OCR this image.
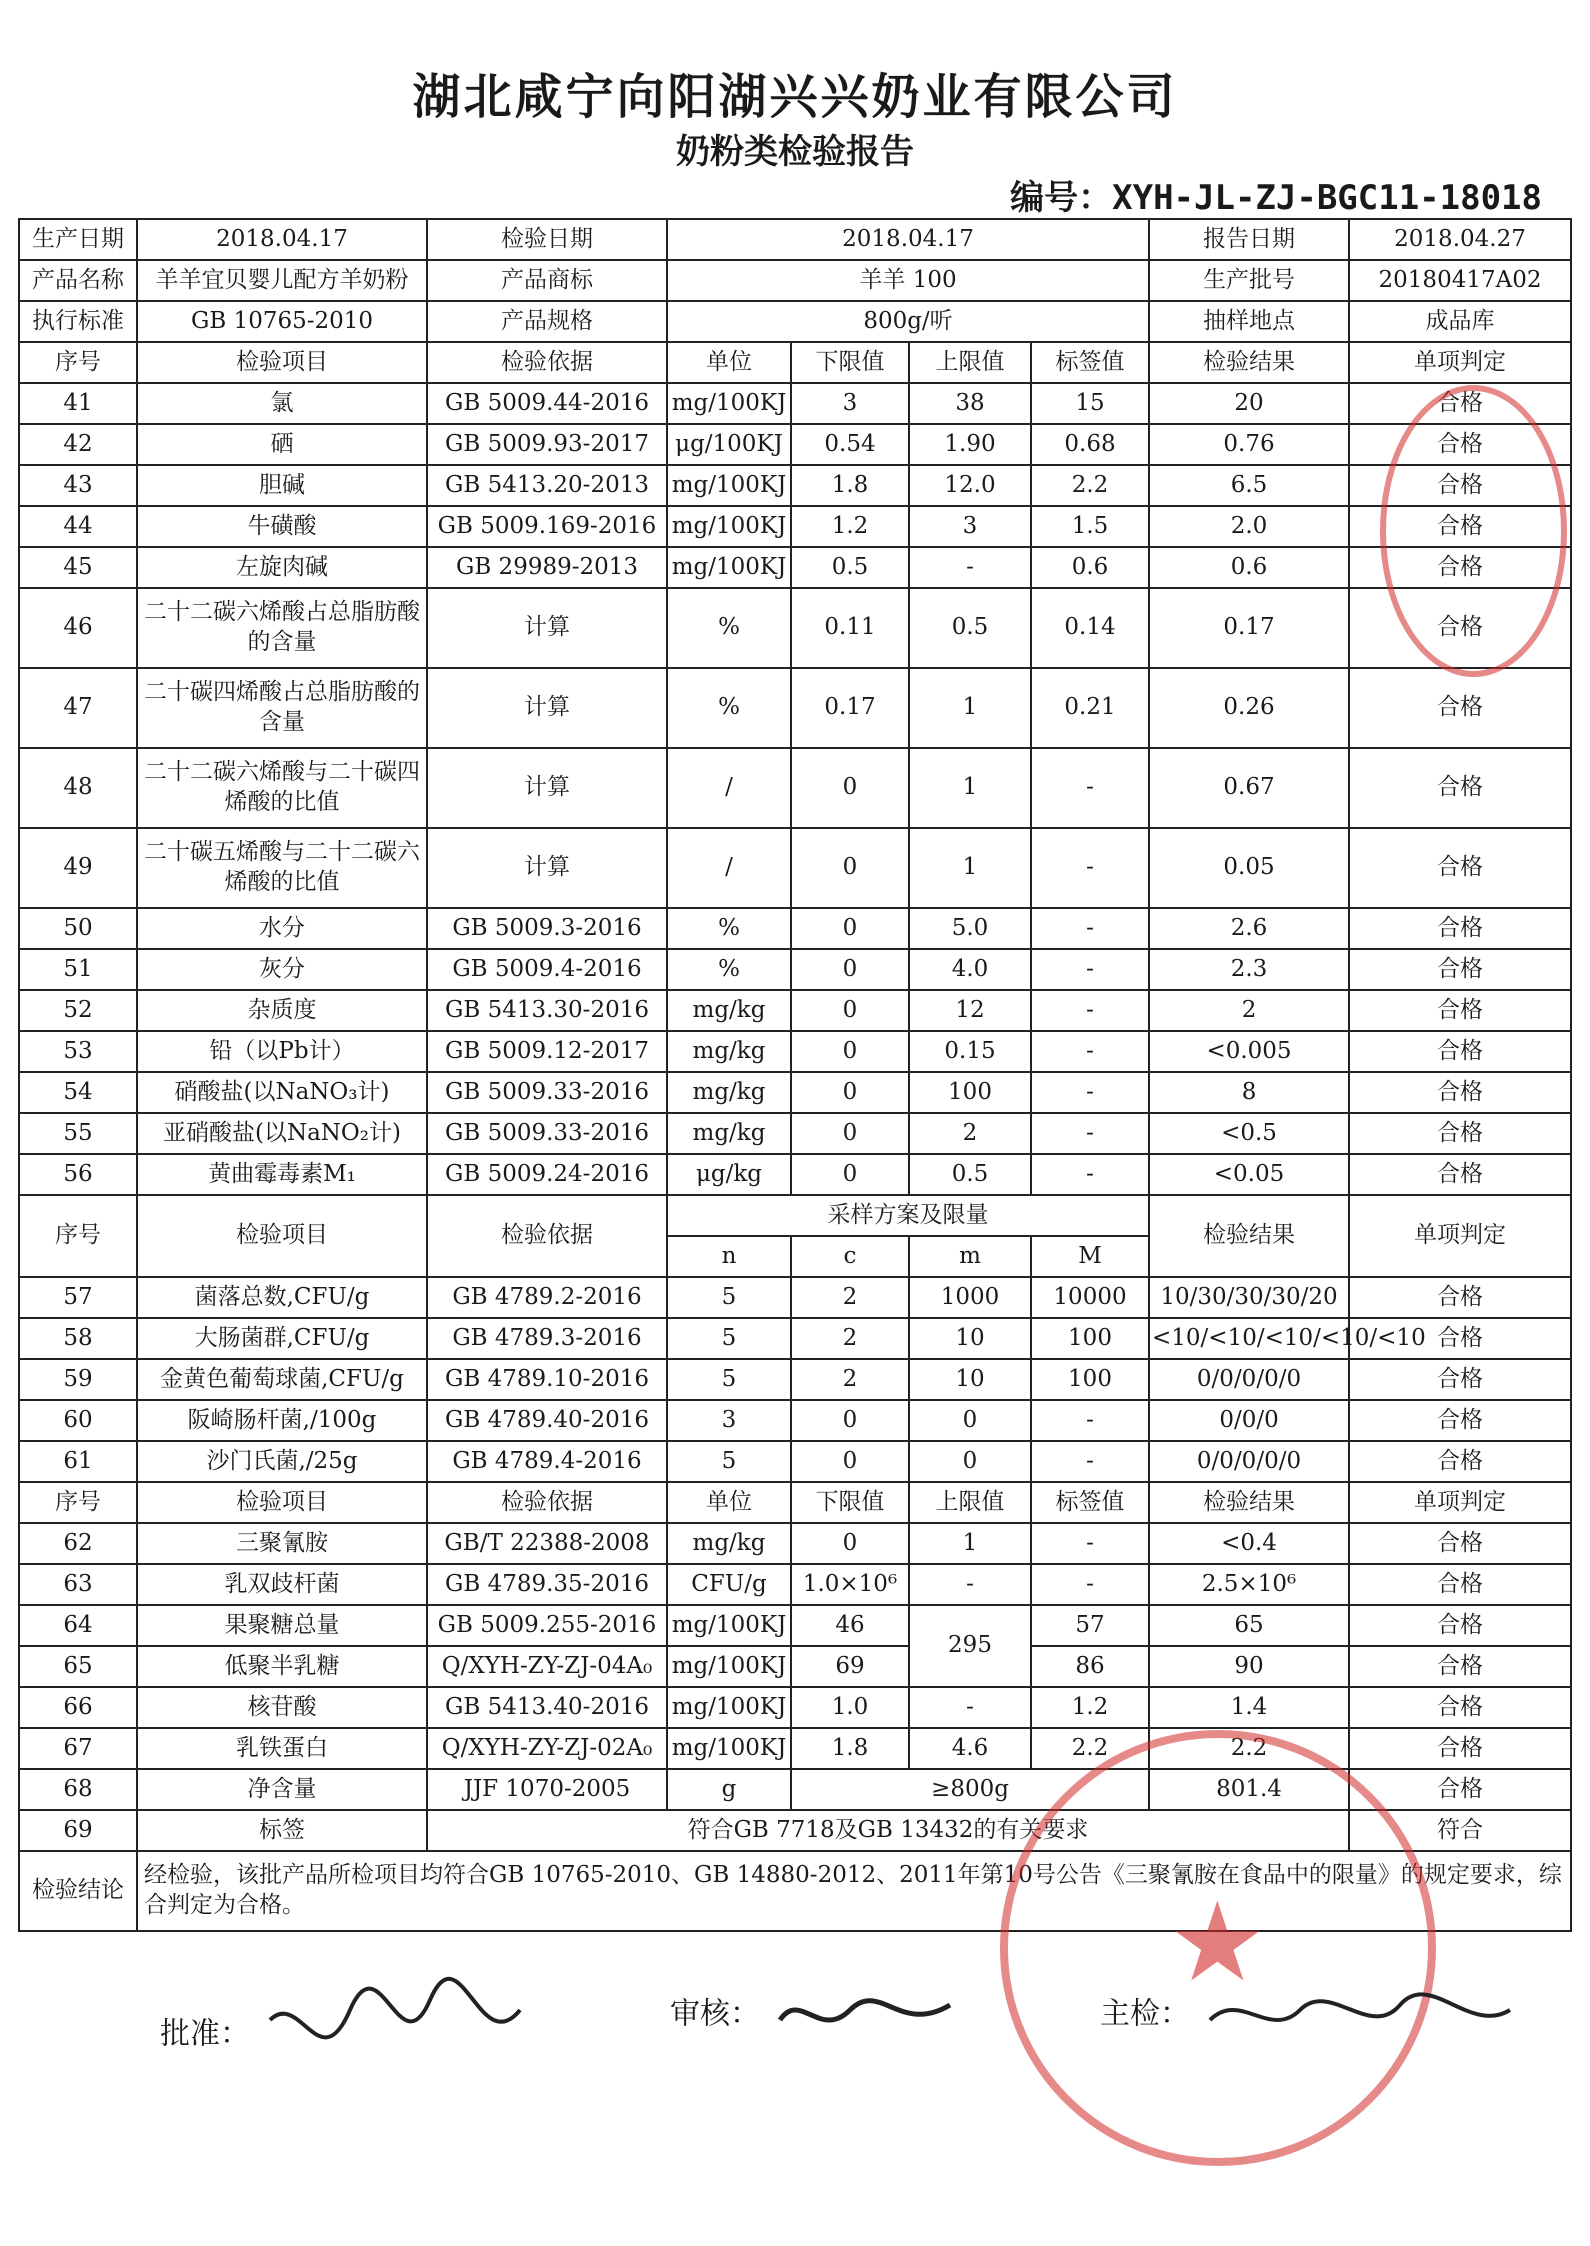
湖北咸宁向阳湖兴兴奶业有限公司
奶粉类检验报告
编号：XYH-JL-ZJ-BGC11-18018
生产日期	2018.04.17	检验日期	2018.04.17				报告日期	2018.04.27
产品名称	羊羊宜贝婴儿配方羊奶粉	产品商标	羊羊 100				生产批号	20180417A02
执行标准	GB 10765-2010	产品规格	800g/听				抽样地点	成品库
序号	检验项目	检验依据	单位	下限值	上限值	标签值	检验结果	单项判定
41	氯	GB 5009.44-2016	mg/100KJ	3	38	15	20	合格
42	硒	GB 5009.93-2017	μg/100KJ	0.54	1.90	0.68	0.76	合格
43	胆碱	GB 5413.20-2013	mg/100KJ	1.8	12.0	2.2	6.5	合格
44	牛磺酸	GB 5009.169-2016	mg/100KJ	1.2	3	1.5	2.0	合格
45	左旋肉碱	GB 29989-2013	mg/100KJ	0.5	-	0.6	0.6	合格
46	二十二碳六烯酸占总脂肪酸的含量	计算	%	0.11	0.5	0.14	0.17	合格
47	二十碳四烯酸占总脂肪酸的含量	计算	%	0.17	1	0.21	0.26	合格
48	二十二碳六烯酸与二十碳四烯酸的比值	计算	/	0	1	-	0.67	合格
49	二十碳五烯酸与二十二碳六烯酸的比值	计算	/	0	1	-	0.05	合格
50	水分	GB 5009.3-2016	%	0	5.0	-	2.6	合格
51	灰分	GB 5009.4-2016	%	0	4.0	-	2.3	合格
52	杂质度	GB 5413.30-2016	mg/kg	0	12	-	2	合格
53	铅（以Pb计）	GB 5009.12-2017	mg/kg	0	0.15	-	<0.005	合格
54	硝酸盐(以NaNO₃计)	GB 5009.33-2016	mg/kg	0	100	-	8	合格
55	亚硝酸盐(以NaNO₂计)	GB 5009.33-2016	mg/kg	0	2	-	<0.5	合格
56	黄曲霉毒素M₁	GB 5009.24-2016	μg/kg	0	0.5	-	<0.05	合格
序号	检验项目	检验依据	采样方案及限量				检验结果	单项判定
			n	c	m	M		
57	菌落总数,CFU/g	GB 4789.2-2016	5	2	1000	10000	10/30/30/30/20	合格
58	大肠菌群,CFU/g	GB 4789.3-2016	5	2	10	100	<10/<10/<10/<10/<10	合格
59	金黄色葡萄球菌,CFU/g	GB 4789.10-2016	5	2	10	100	0/0/0/0/0	合格
60	阪崎肠杆菌,/100g	GB 4789.40-2016	3	0	0	-	0/0/0	合格
61	沙门氏菌,/25g	GB 4789.4-2016	5	0	0	-	0/0/0/0/0	合格
序号	检验项目	检验依据	单位	下限值	上限值	标签值	检验结果	单项判定
62	三聚氰胺	GB/T 22388-2008	mg/kg	0	1	-	<0.4	合格
63	乳双歧杆菌	GB 4789.35-2016	CFU/g	1.0×10⁶	-	-	2.5×10⁶	合格
64	果聚糖总量	GB 5009.255-2016	mg/100KJ	46	295	57	65	合格
65	低聚半乳糖	Q/XYH-ZY-ZJ-04A₀	mg/100KJ	69		86	90	合格
66	核苷酸	GB 5413.40-2016	mg/100KJ	1.0	-	1.2	1.4	合格
67	乳铁蛋白	Q/XYH-ZY-ZJ-02A₀	mg/100KJ	1.8	4.6	2.2	2.2	合格
68	净含量	JJF 1070-2005	g	≥800g			801.4	合格
69	标签	符合GB 7718及GB 13432的有关要求						符合
检验结论	经检验，该批产品所检项目均符合GB 10765-2010、GB 14880-2012、2011年第10号公告《三聚氰胺在食品中的限量》的规定要求，综合判定为合格。								★
批准：
审核：	主检：
